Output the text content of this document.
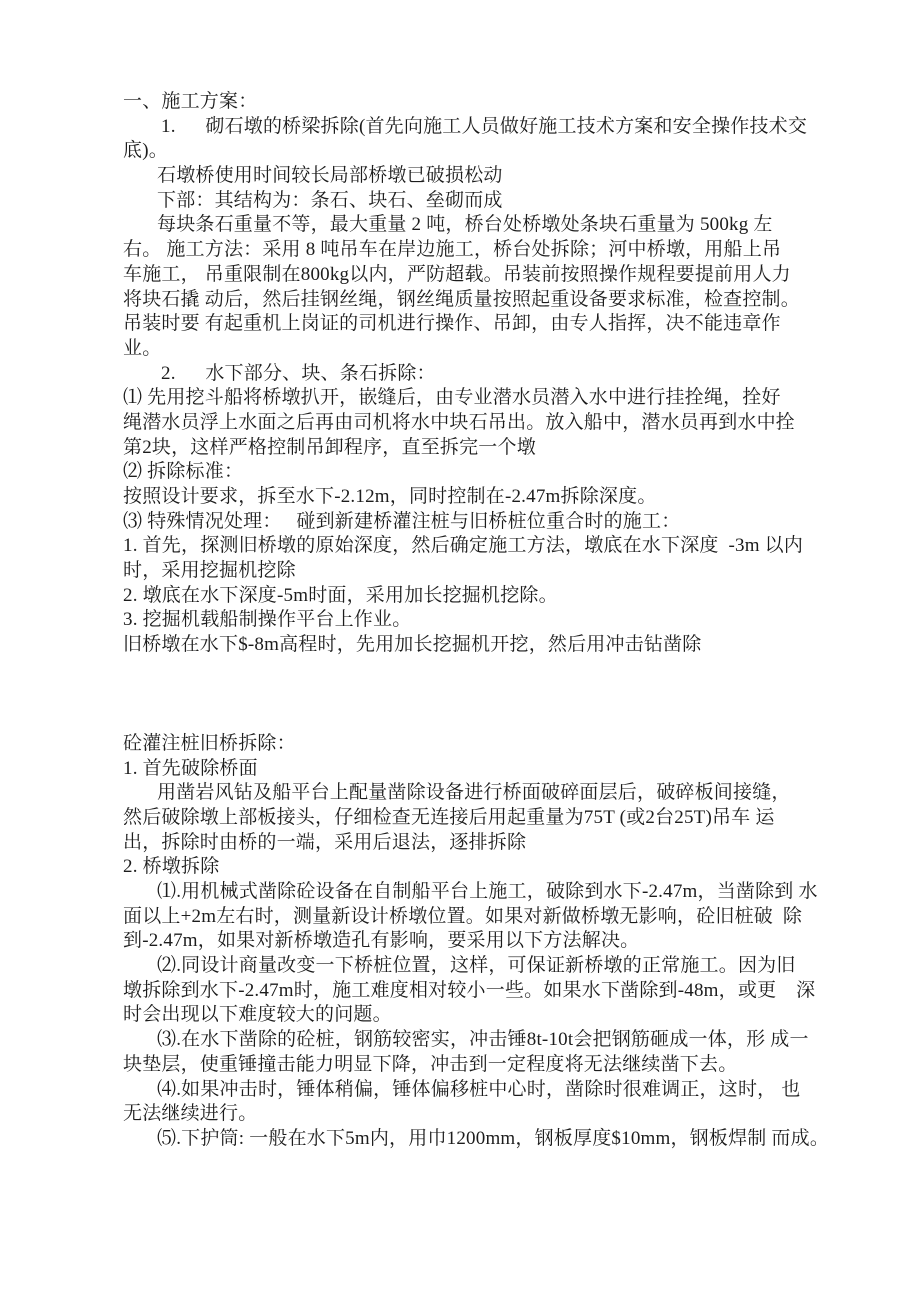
一、施工方案：
1.      砌石墩的桥梁拆除(首先向施工人员做好施工技术方案和安全操作技术交
底)。
石墩桥使用时间较长局部桥墩已破损松动
下部：其结构为：条石、块石、垒砌而成
每块条石重量不等，最大重量 2 吨，桥台处桥墩处条块石重量为 500kg 左
右。 施工方法：采用 8 吨吊车在岸边施工，桥台处拆除；河中桥墩，用船上吊
车施工， 吊重限制在800kg以内，严防超载。吊装前按照操作规程要提前用人力
将块石撬 动后，然后挂钢丝绳，钢丝绳质量按照起重设备要求标准，检查控制。
吊装时要 有起重机上岗证的司机进行操作、吊卸，由专人指挥，决不能违章作
业。
2.      水下部分、块、条石拆除：
⑴ 先用挖斗船将桥墩扒开，嵌缝后，由专业潜水员潜入水中进行挂拴绳，拴好
绳潜水员浮上水面之后再由司机将水中块石吊出。放入船中，潜水员再到水中拴
第2块，这样严格控制吊卸程序，直至拆完一个墩
⑵ 拆除标准：
按照设计要求，拆至水下-2.12m，同时控制在-2.47m拆除深度。
⑶ 特殊情况处理：   碰到新建桥灌注桩与旧桥桩位重合时的施工：
1. 首先，探测旧桥墩的原始深度，然后确定施工方法，墩底在水下深度  -3m 以内
时，采用挖掘机挖除
2. 墩底在水下深度-5m时面，采用加长挖掘机挖除。
3. 挖掘机载船制操作平台上作业。
旧桥墩在水下$-8m高程时，先用加长挖掘机开挖，然后用冲击钻凿除
砼灌注桩旧桥拆除：
1. 首先破除桥面
用凿岩风钻及船平台上配量凿除设备进行桥面破碎面层后，破碎板间接缝，
然后破除墩上部板接头，仔细检查无连接后用起重量为75T (或2台25T)吊车 运
出，拆除时由桥的一端，采用后退法，逐排拆除
2. 桥墩拆除
⑴.用机械式凿除砼设备在自制船平台上施工，破除到水下-2.47m，当凿除到 水
面以上+2m左右时，测量新设计桥墩位置。如果对新做桥墩无影响，砼旧桩破  除
到-2.47m，如果对新桥墩造孔有影响，要采用以下方法解决。
⑵.同设计商量改变一下桥桩位置，这样，可保证新桥墩的正常施工。因为旧
墩拆除到水下-2.47m时，施工难度相对较小一些。如果水下凿除到-48m，或更    深
时会出现以下难度较大的问题。
⑶.在水下凿除的砼桩，钢筋较密实，冲击锤8t-10t会把钢筋砸成一体，形 成一
块垫层，使重锤撞击能力明显下降，冲击到一定程度将无法继续凿下去。
⑷.如果冲击时，锤体稍偏，锤体偏移桩中心时，凿除时很难调正，这时， 也
无法继续进行。
⑸.下护筒: 一般在水下5m内，用巾1200mm，钢板厚度$10mm，钢板焊制 而成。
